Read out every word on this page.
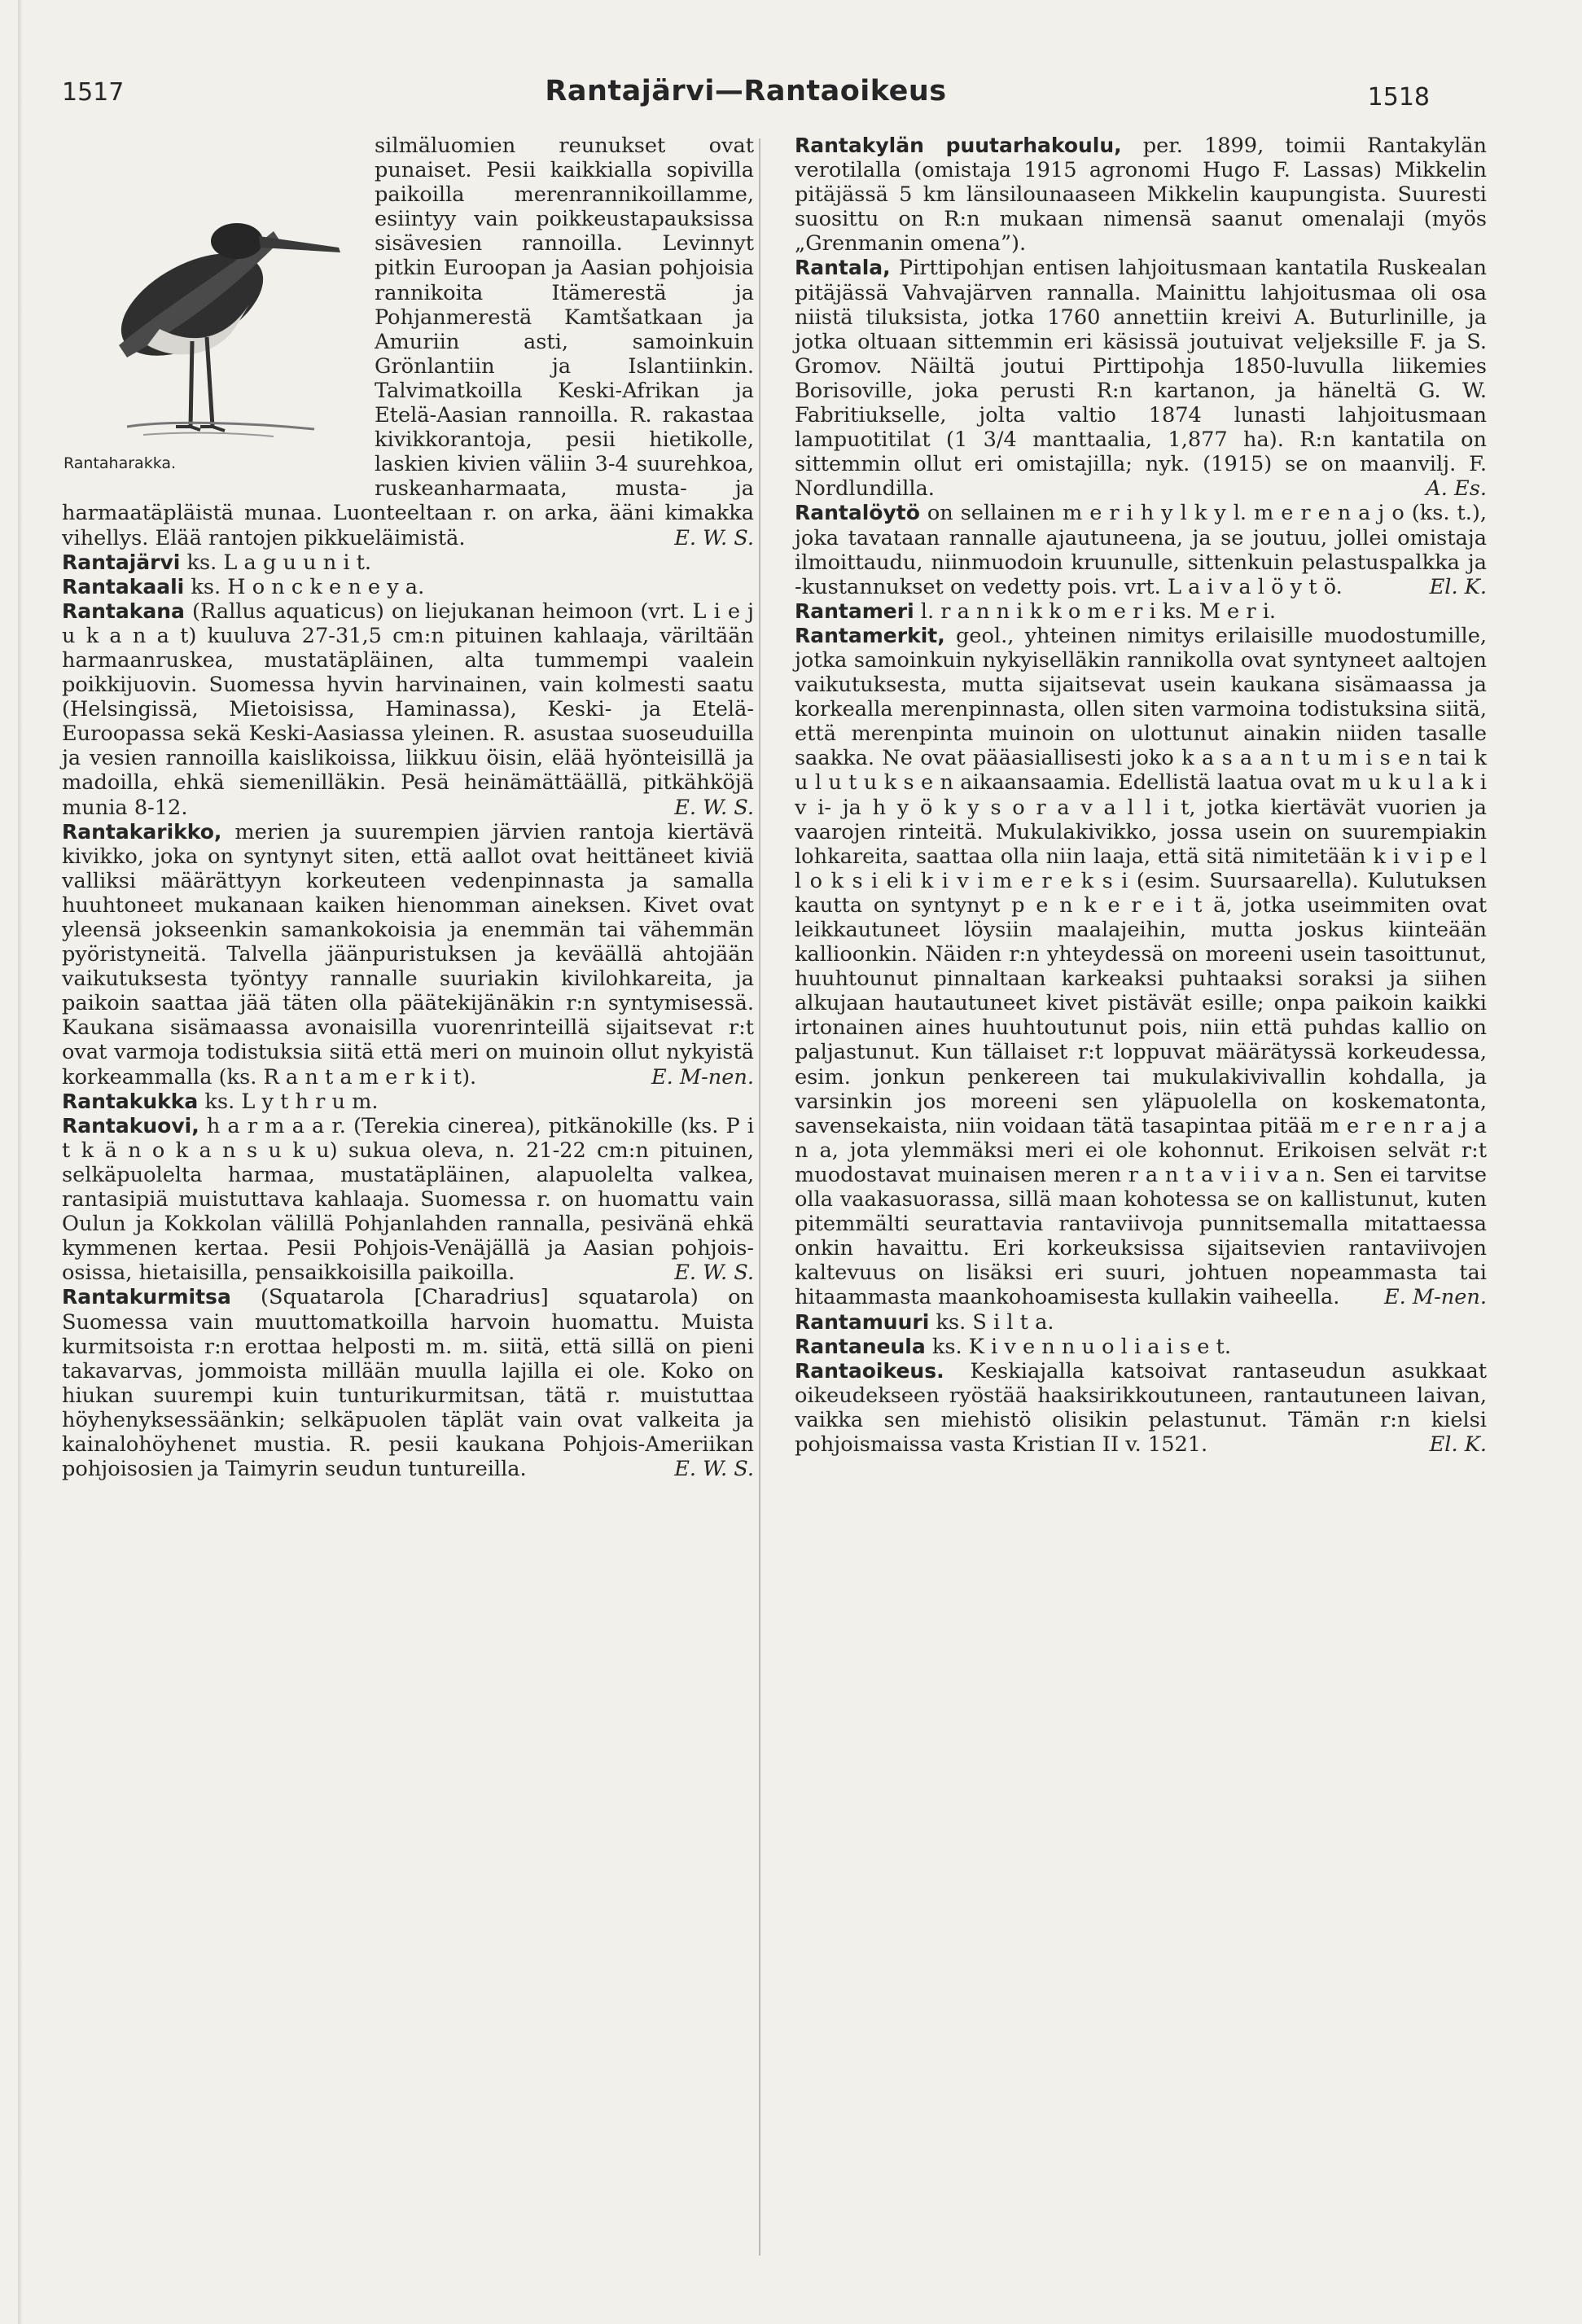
1517	Rantajärvi—Rantaoikeus	1518
Rantaharakka.

silmäluomien reunukset ovat punaiset. Pesii kaikkialla sopivilla paikoilla merenrannikoillamme, esiintyy vain poikkeustapauksissa sisävesien rannoilla. Levinnyt pitkin Euroopan ja Aasian pohjoisia rannikoita Itämerestä ja Pohjanmerestä Kamtšatkaan ja Amuriin asti, samoinkuin Grönlantiin ja Islantiinkin. Talvimatkoilla Keski-Afrikan ja Etelä-Aasian rannoilla. R. rakastaa kivikkorantoja, pesii hietikolle, laskien kivien väliin 3-4 suurehkoa, ruskeanharmaata, musta- ja harmaatäpläistä munaa. Luonteeltaan r. on arka, ääni kimakka vihellys. Elää rantojen pikkueläimistä.	E. W. S.

Rantajärvi ks. L a g u u n i t.

Rantakaali ks. H o n c k e n e y a.

Rantakana (Rallus aquaticus) on liejukanan heimoon (vrt. L i e j u k a n a t) kuuluva 27-31,5 cm:n pituinen kahlaaja, väriltään harmaanruskea, mustatäpläinen, alta tummempi vaalein poikkijuovin. Suomessa hyvin harvinainen, vain kolmesti saatu (Helsingissä, Mietoisissa, Haminassa), Keski- ja Etelä-Euroopassa sekä Keski-Aasiassa yleinen. R. asustaa suoseuduilla ja vesien rannoilla kaislikoissa, liikkuu öisin, elää hyönteisillä ja madoilla, ehkä siemenilläkin. Pesä heinämättäällä, pitkähköjä munia 8-12.	E. W. S.

Rantakarikko, merien ja suurempien järvien rantoja kiertävä kivikko, joka on syntynyt siten, että aallot ovat heittäneet kiviä valliksi määrättyyn korkeuteen vedenpinnasta ja samalla huuhtoneet mukanaan kaiken hienomman aineksen. Kivet ovat yleensä jokseenkin samankokoisia ja enemmän tai vähemmän pyöristyneitä. Talvella jäänpuristuksen ja keväällä ahtojään vaikutuksesta työntyy rannalle suuriakin kivilohkareita, ja paikoin saattaa jää täten olla päätekijänäkin r:n syntymisessä. Kaukana sisämaassa avonaisilla vuorenrinteillä sijaitsevat r:t ovat varmoja todistuksia siitä että meri on muinoin ollut nykyistä korkeammalla (ks. R a n t a m e r k i t).	E. M-nen.

Rantakukka ks. L y t h r u m.

Rantakuovi, h a r m a a r. (Terekia cinerea), pitkänokille (ks. P i t k ä n o k a n s u k u) sukua oleva, n. 21-22 cm:n pituinen, selkäpuolelta harmaa, mustatäpläinen, alapuolelta valkea, rantasipiä muistuttava kahlaaja. Suomessa r. on huomattu vain Oulun ja Kokkolan välillä Pohjanlahden rannalla, pesivänä ehkä kymmenen kertaa. Pesii Pohjois-Venäjällä ja Aasian pohjois-osissa, hietaisilla, pensaikkoisilla paikoilla.	E. W. S.

Rantakurmitsa (Squatarola [Charadrius] squatarola) on Suomessa vain muuttomatkoilla harvoin huomattu. Muista kurmitsoista r:n erottaa helposti m. m. siitä, että sillä on pieni takavarvas, jommoista millään muulla lajilla ei ole. Koko on hiukan suurempi kuin tunturikurmitsan, tätä r. muistuttaa höyhenyksessäänkin; selkäpuolen täplät vain ovat valkeita ja kainalohöyhenet mustia. R. pesii kaukana Pohjois-Ameriikan pohjoisosien ja Taimyrin seudun tuntureilla.	E. W. S.

Rantakylän puutarhakoulu, per. 1899, toimii Rantakylän verotilalla (omistaja 1915 agronomi Hugo F. Lassas) Mikkelin pitäjässä 5 km länsilounaaseen Mikkelin kaupungista. Suuresti suosittu on R:n mukaan nimensä saanut omenalaji (myös „Grenmanin omena”).

Rantala, Pirttipohjan entisen lahjoitusmaan kantatila Ruskealan pitäjässä Vahvajärven rannalla. Mainittu lahjoitusmaa oli osa niistä tiluksista, jotka 1760 annettiin kreivi A. Buturlinille, ja jotka oltuaan sittemmin eri käsissä joutuivat veljeksille F. ja S. Gromov. Näiltä joutui Pirttipohja 1850-luvulla liikemies Borisoville, joka perusti R:n kartanon, ja häneltä G. W. Fabritiukselle, jolta valtio 1874 lunasti lahjoitusmaan lampuotitilat (1 3/4 manttaalia, 1,877 ha). R:n kantatila on sittemmin ollut eri omistajilla; nyk. (1915) se on maanvilj. F. Nordlundilla.	A. Es.

Rantalöytö on sellainen m e r i h y l k y l. m e r e n a j o (ks. t.), joka tavataan rannalle ajautuneena, ja se joutuu, jollei omistaja ilmoittaudu, niinmuodoin kruunulle, sittenkuin pelastuspalkka ja -kustannukset on vedetty pois. vrt. L a i v a l ö y t ö.	El. K.

Rantameri l. r a n n i k k o m e r i ks. M e r i.

Rantamerkit, geol., yhteinen nimitys erilaisille muodostumille, jotka samoinkuin nykyiselläkin rannikolla ovat syntyneet aaltojen vaikutuksesta, mutta sijaitsevat usein kaukana sisämaassa ja korkealla merenpinnasta, ollen siten varmoina todistuksina siitä, että merenpinta muinoin on ulottunut ainakin niiden tasalle saakka. Ne ovat pääasiallisesti joko k a s a a n t u m i s e n tai k u l u t u k s e n aikaansaamia. Edellistä laatua ovat m u k u l a k i v i- ja h y ö k y s o r a v a l l i t, jotka kiertävät vuorien ja vaarojen rinteitä. Mukulakivikko, jossa usein on suurempiakin lohkareita, saattaa olla niin laaja, että sitä nimitetään k i v i p e l l o k s i eli k i v i m e r e k s i (esim. Suursaarella). Kulutuksen kautta on syntynyt p e n k e r e i t ä, jotka useimmiten ovat leikkautuneet löysiin maalajeihin, mutta joskus kiinteään kallioonkin. Näiden r:n yhteydessä on moreeni usein tasoittunut, huuhtounut pinnaltaan karkeaksi puhtaaksi soraksi ja siihen alkujaan hautautuneet kivet pistävät esille; onpa paikoin kaikki irtonainen aines huuhtoutunut pois, niin että puhdas kallio on paljastunut. Kun tällaiset r:t loppuvat määrätyssä korkeudessa, esim. jonkun penkereen tai mukulakivivallin kohdalla, ja varsinkin jos moreeni sen yläpuolella on koskematonta, savensekaista, niin voidaan tätä tasapintaa pitää m e r e n r a j a n a, jota ylemmäksi meri ei ole kohonnut. Erikoisen selvät r:t muodostavat muinaisen meren r a n t a v i i v a n. Sen ei tarvitse olla vaakasuorassa, sillä maan kohotessa se on kallistunut, kuten pitemmälti seurattavia rantaviivoja punnitsemalla mitattaessa onkin havaittu. Eri korkeuksissa sijaitsevien rantaviivojen kaltevuus on lisäksi eri suuri, johtuen nopeammasta tai hitaammasta maankohoamisesta kullakin vaiheella. E. M-nen.

Rantamuuri ks. S i l t a.

Rantaneula ks. K i v e n n u o l i a i s e t.

Rantaoikeus. Keskiajalla katsoivat rantaseudun asukkaat oikeudekseen ryöstää haaksirikkoutuneen, rantautuneen laivan, vaikka sen miehistö olisikin pelastunut. Tämän r:n kielsi pohjoismaissa vasta Kristian II v. 1521.	El. K.
